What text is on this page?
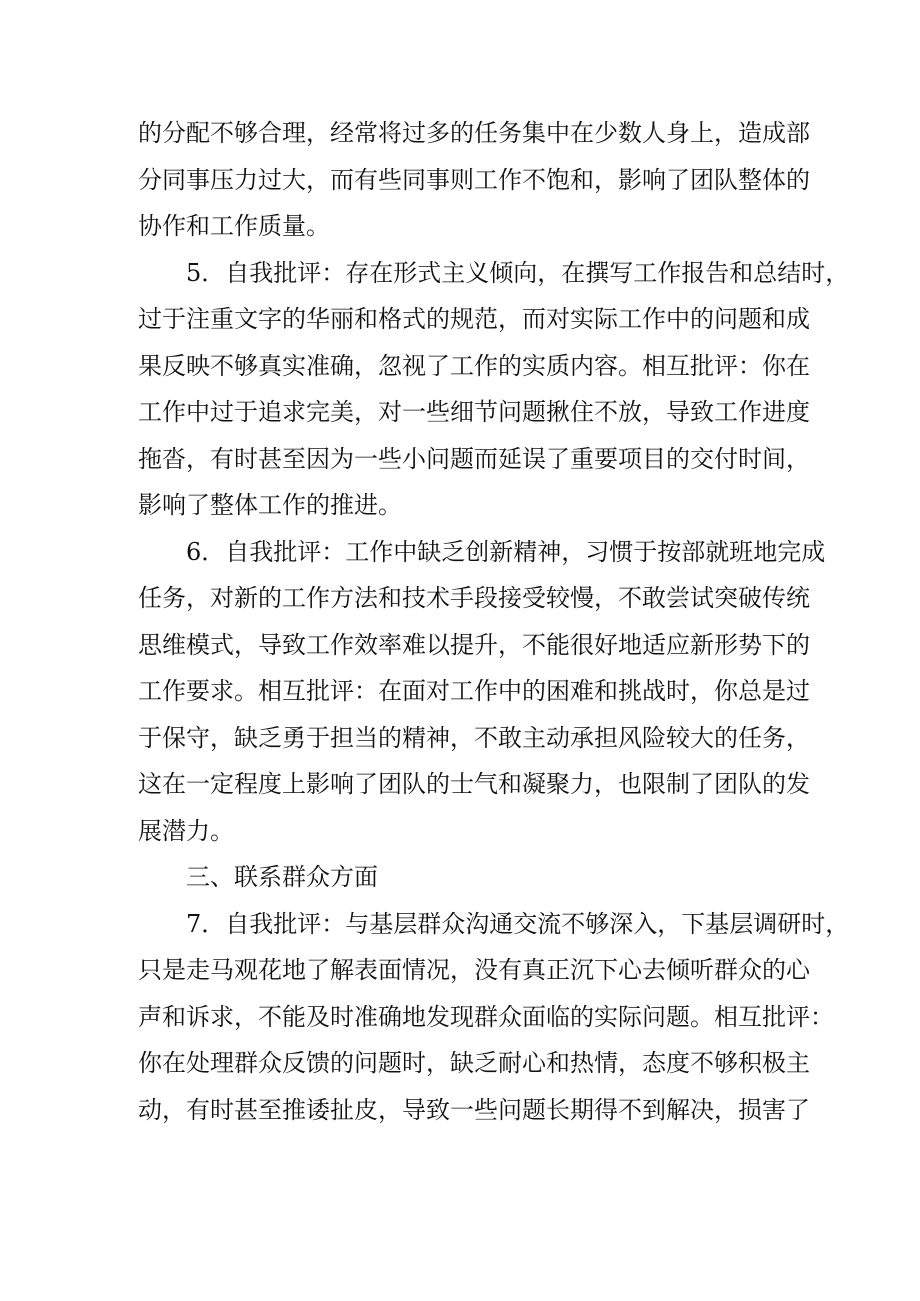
的分配不够合理，经常将过多的任务集中在少数人身上，造成部
分同事压力过大，而有些同事则工作不饱和，影响了团队整体的
协作和工作质量。
5．自我批评：存在形式主义倾向，在撰写工作报告和总结时，
过于注重文字的华丽和格式的规范，而对实际工作中的问题和成
果反映不够真实准确，忽视了工作的实质内容。相互批评：你在
工作中过于追求完美，对一些细节问题揪住不放，导致工作进度
拖沓，有时甚至因为一些小问题而延误了重要项目的交付时间，
影响了整体工作的推进。
6．自我批评：工作中缺乏创新精神，习惯于按部就班地完成
任务，对新的工作方法和技术手段接受较慢，不敢尝试突破传统
思维模式，导致工作效率难以提升，不能很好地适应新形势下的
工作要求。相互批评：在面对工作中的困难和挑战时，你总是过
于保守，缺乏勇于担当的精神，不敢主动承担风险较大的任务，
这在一定程度上影响了团队的士气和凝聚力，也限制了团队的发
展潜力。
三、联系群众方面
7．自我批评：与基层群众沟通交流不够深入，下基层调研时，
只是走马观花地了解表面情况，没有真正沉下心去倾听群众的心
声和诉求，不能及时准确地发现群众面临的实际问题。相互批评：
你在处理群众反馈的问题时，缺乏耐心和热情，态度不够积极主
动，有时甚至推诿扯皮，导致一些问题长期得不到解决，损害了
